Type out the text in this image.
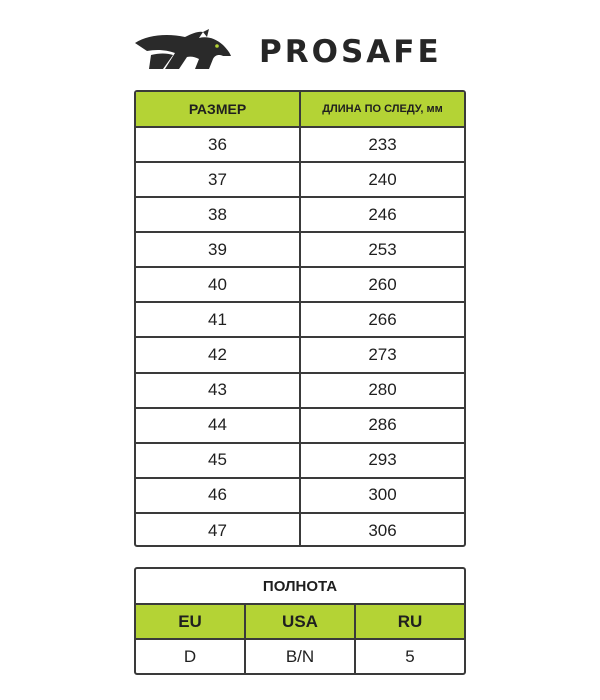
PROSAFE
РАЗМЕР	ДЛИНА ПО СЛЕДУ, мм
36	233
37	240
38	246
39	253
40	260
41	266
42	273
43	280
44	286
45	293
46	300
47	306
ПОЛНОТА
EU	USA	RU
D	B/N	5
